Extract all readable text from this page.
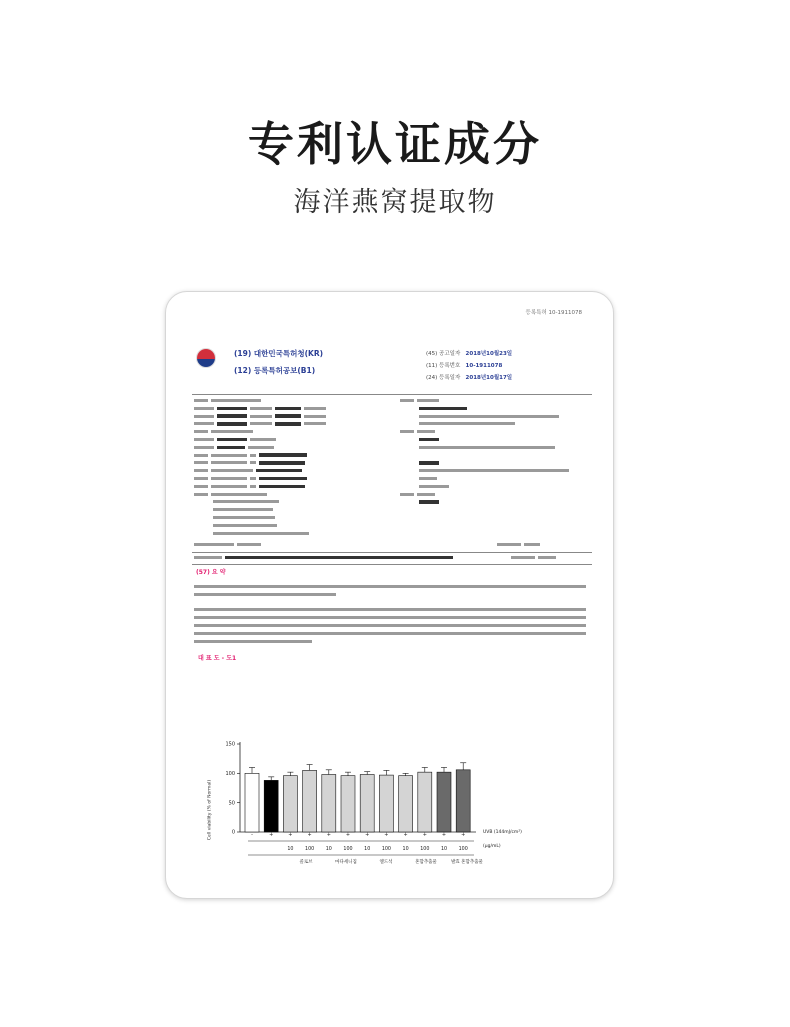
专利认证成分
海洋燕窝提取物
등록특허 10-1911078
(19) 대한민국특허청(KR)
(12) 등록특허공보(B1)
(45) 공고일자 2018년10월23일
(11) 등록번호 10-1911078
(24) 등록일자 2018년10월17일
(57) 요 약
대 표 도 - 도1
0
50
100
150
-	+	+
10
+
100
+
10
+
100
+
10
+
100
+
10
+
100
+
10
+
100
Cell viability (% of Normal)	UVB (144mJ/cm²)
(μg/mL)
콜로브	마다세니칩	엘드석	혼합추출물	발효 혼합추출물
